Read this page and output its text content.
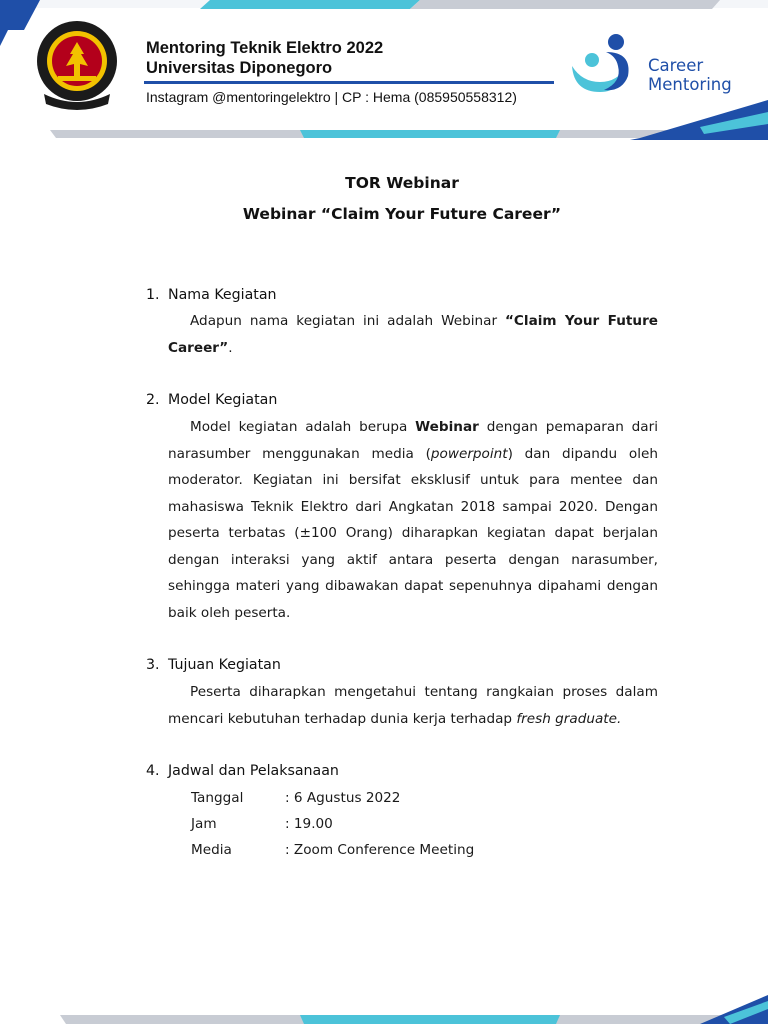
Mentoring Teknik Elektro 2022
Universitas Diponegoro
Instagram @mentoringelektro | CP : Hema (085950558312)
Career
Mentoring
TOR Webinar
Webinar “Claim Your Future Career”
1. Nama Kegiatan
Adapun nama kegiatan ini adalah Webinar “Claim Your Future Career”.
2. Model Kegiatan
Model kegiatan adalah berupa Webinar dengan pemaparan dari narasumber menggunakan media (powerpoint) dan dipandu oleh moderator. Kegiatan ini bersifat eksklusif untuk para mentee dan mahasiswa Teknik Elektro dari Angkatan 2018 sampai 2020. Dengan peserta terbatas (±100 Orang) diharapkan kegiatan dapat berjalan dengan interaksi yang aktif antara peserta dengan narasumber, sehingga materi yang dibawakan dapat sepenuhnya dipahami dengan baik oleh peserta.
3. Tujuan Kegiatan
Peserta diharapkan mengetahui tentang rangkaian proses dalam mencari kebutuhan terhadap dunia kerja terhadap fresh graduate.
4. Jadwal dan Pelaksanaan
Tanggal	: 6 Agustus 2022
Jam	: 19.00
Media	: Zoom Conference Meeting
